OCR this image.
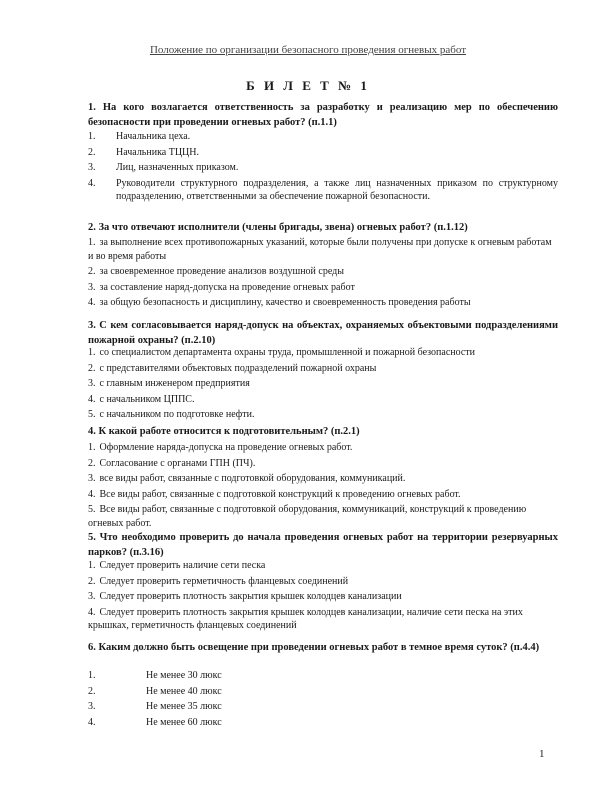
Положение по организации безопасного проведения огневых работ
Б И Л Е Т № 1
1. На кого возлагается ответственность за разработку и реализацию мер по обеспечению безопасности при проведении огневых работ? (п.1.1)
1.	Начальника цеха.
2.	Начальника ТЦЦН.
3.	Лиц, назначенных приказом.
4.	Руководители структурного подразделения, а также лиц назначенных приказом по структурному подразделению, ответственными за обеспечение пожарной безопасности.
2. За что отвечают исполнители (члены бригады, звена) огневых работ? (п.1.12)
1. за выполнение всех противопожарных указаний, которые были получены при допуске к огневым работам и во время работы
2. за своевременное проведение анализов воздушной среды
3. за составление наряд-допуска на проведение огневых работ
4. за общую безопасность и дисциплину, качество и своевременность проведения работы
3. С кем согласовывается наряд-допуск на объектах, охраняемых объектовыми подразделениями пожарной охраны? (п.2.10)
1. со специалистом департамента охраны труда, промышленной и пожарной безопасности
2. с представителями объектовых подразделений пожарной охраны
3. с главным инженером предприятия
4. с начальником ЦППС.
5. с начальником по подготовке нефти.
4. К какой работе относится к подготовительным? (п.2.1)
1. Оформление наряда-допуска на проведение огневых работ.
2. Согласование с органами ГПН (ПЧ).
3. все виды работ, связанные с подготовкой оборудования, коммуникаций.
4. Все виды работ, связанные с подготовкой конструкций к проведению огневых работ.
5. Все виды работ, связанные с подготовкой оборудования, коммуникаций, конструкций к проведению огневых работ.
5. Что необходимо проверить до начала проведения огневых работ на территории резервуарных парков? (п.3.16)
1. Следует проверить наличие сети песка
2. Следует проверить герметичность фланцевых соединений
3. Следует проверить плотность закрытия крышек колодцев канализации
4. Следует проверить плотность закрытия крышек колодцев канализации, наличие сети песка на этих крышках, герметичность фланцевых соединений
6. Каким должно быть освещение при проведении огневых работ в темное время суток? (п.4.4)
1.	Не менее 30 люкс
2.	Не менее 40 люкс
3.	Не менее 35 люкс
4.	Не менее 60 люкс
1
